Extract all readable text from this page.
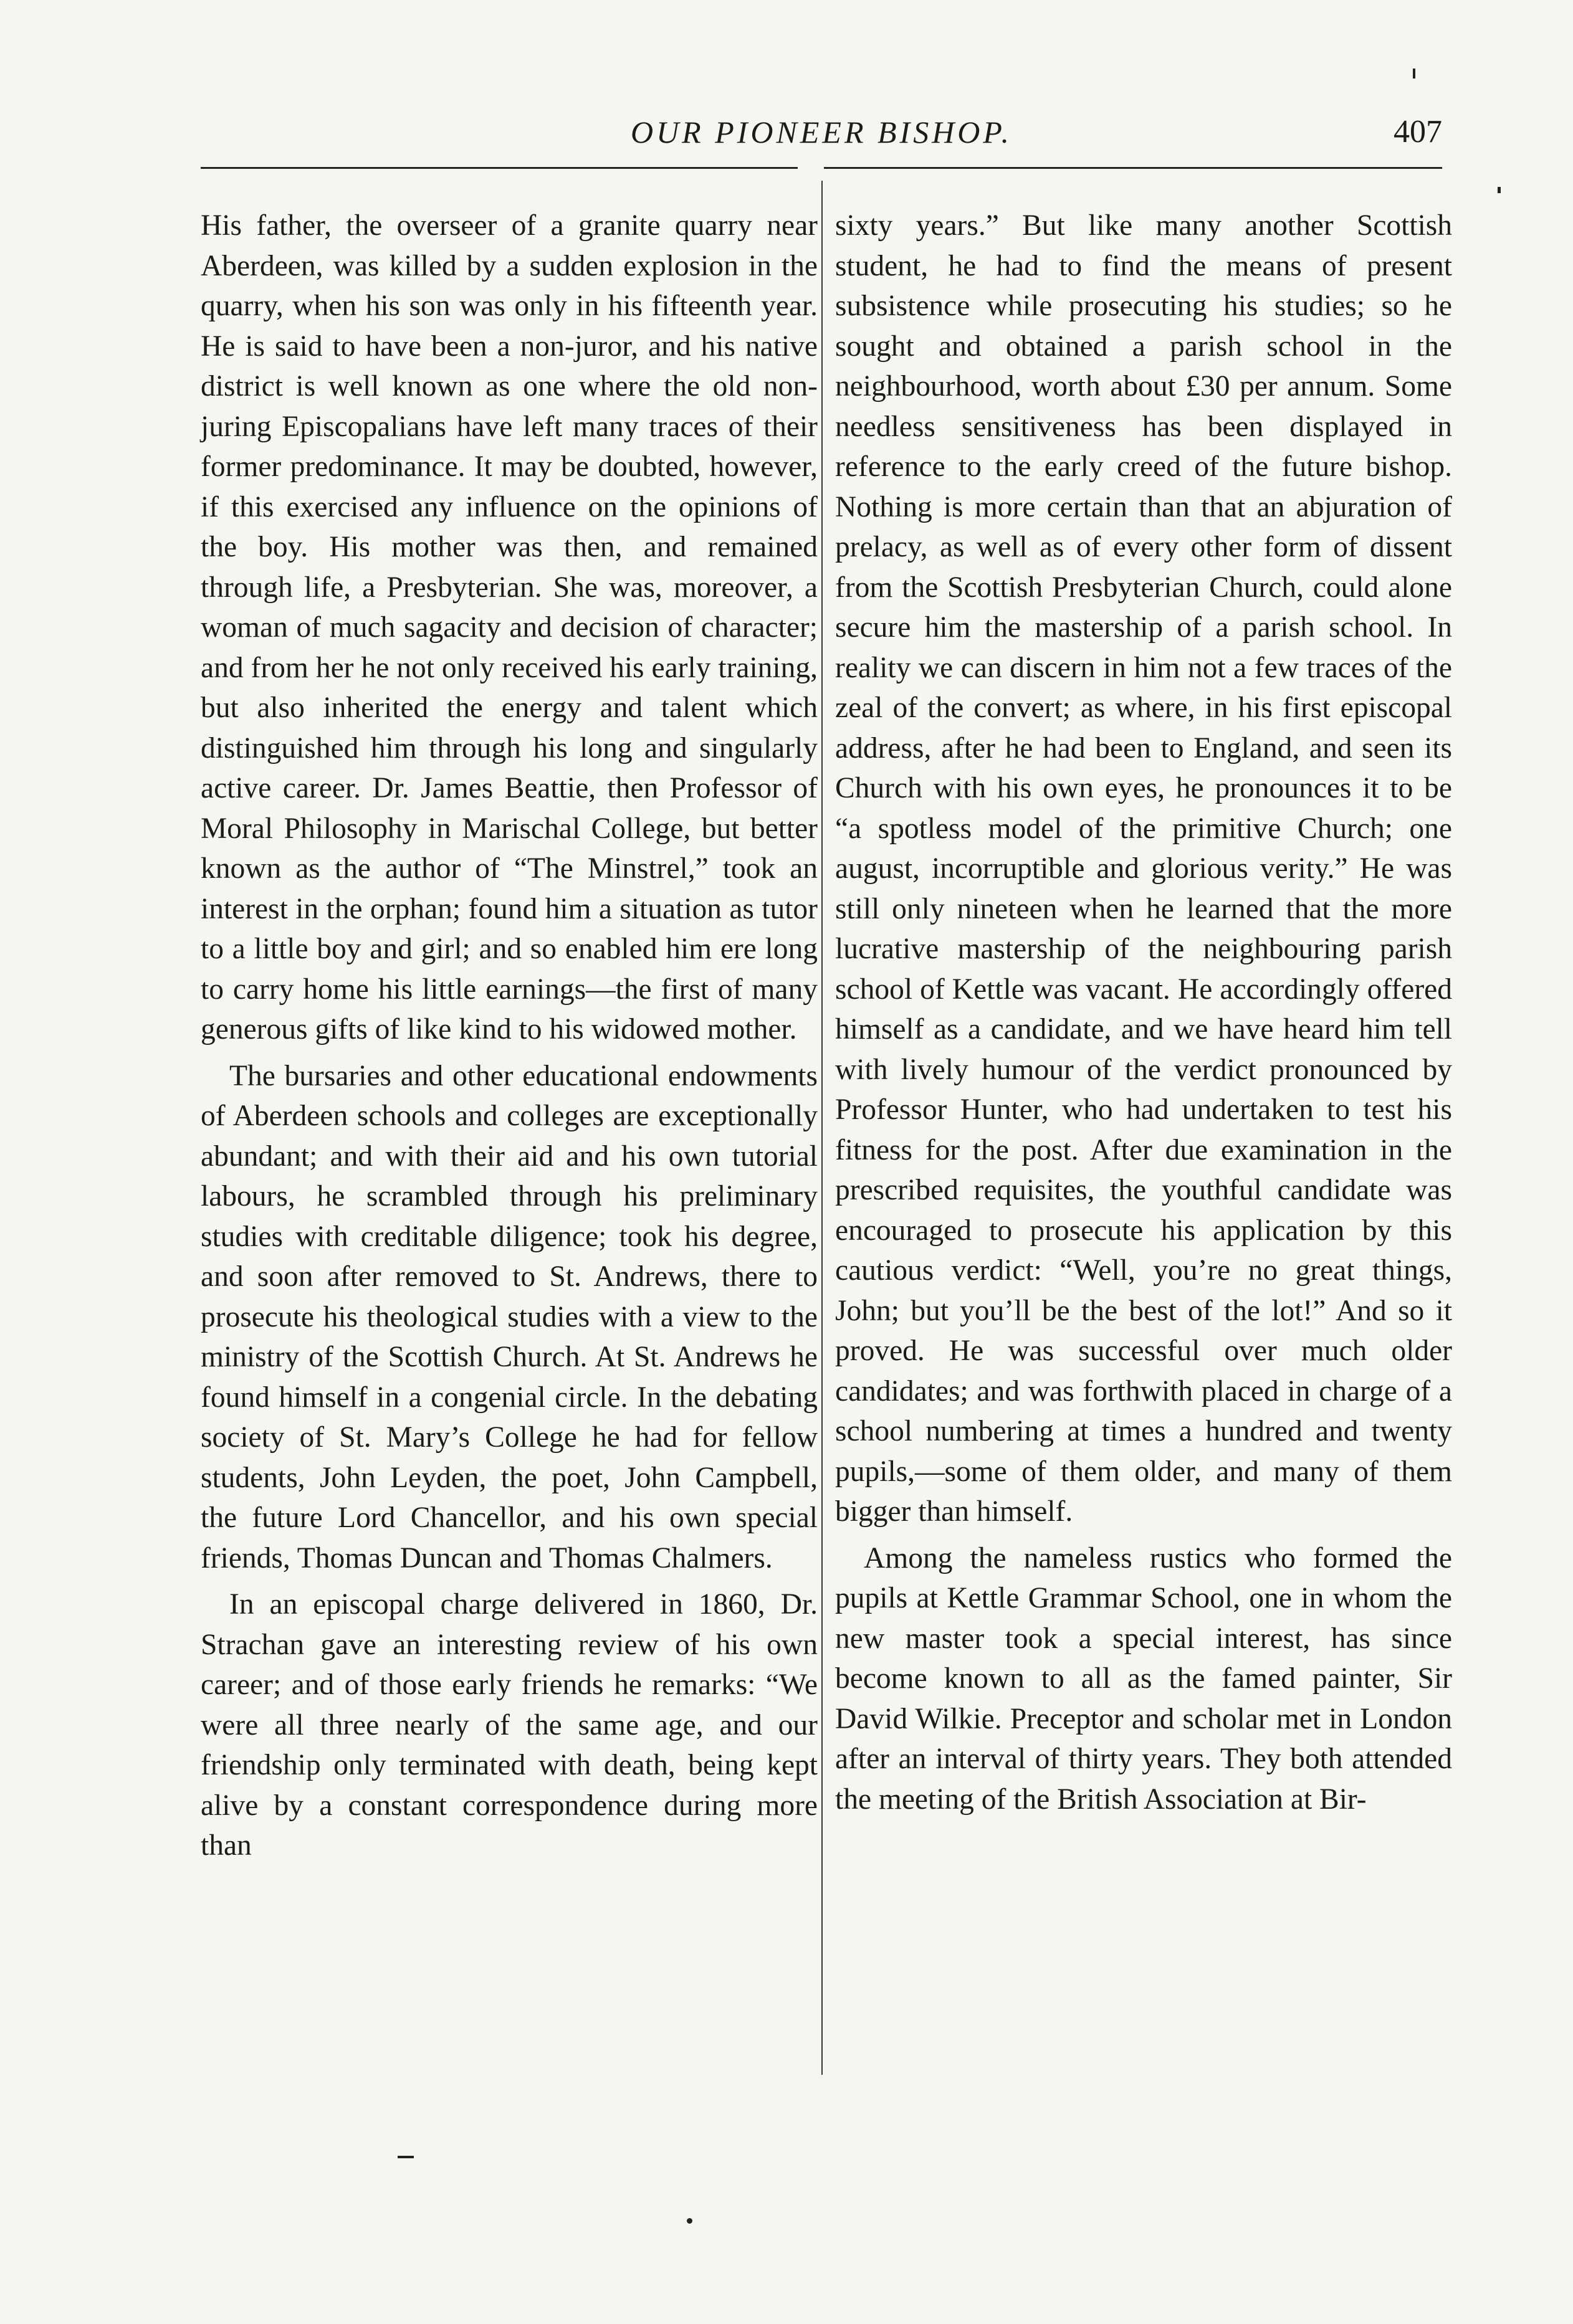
OUR PIONEER BISHOP.	407

His father, the overseer of a granite quarry near Aberdeen, was killed by a sudden explosion in the quarry, when his son was only in his fifteenth year. He is said to have been a non-juror, and his native district is well known as one where the old non-juring Episcopalians have left many traces of their former predominance. It may be doubted, however, if this exercised any influence on the opinions of the boy. His mother was then, and remained through life, a Presbyterian. She was, moreover, a woman of much sagacity and decision of character; and from her he not only received his early training, but also inherited the energy and talent which distinguished him through his long and singularly active career. Dr. James Beattie, then Professor of Moral Philosophy in Marischal College, but better known as the author of “The Minstrel,” took an interest in the orphan; found him a situation as tutor to a little boy and girl; and so enabled him ere long to carry home his little earnings—the first of many generous gifts of like kind to his widowed mother.

The bursaries and other educational endowments of Aberdeen schools and colleges are exceptionally abundant; and with their aid and his own tutorial labours, he scrambled through his preliminary studies with creditable diligence; took his degree, and soon after removed to St. Andrews, there to prosecute his theological studies with a view to the ministry of the Scottish Church. At St. Andrews he found himself in a congenial circle. In the debating society of St. Mary’s College he had for fellow students, John Leyden, the poet, John Campbell, the future Lord Chancellor, and his own special friends, Thomas Duncan and Thomas Chalmers.

In an episcopal charge delivered in 1860, Dr. Strachan gave an interesting review of his own career; and of those early friends he remarks: “We were all three nearly of the same age, and our friendship only terminated with death, being kept alive by a constant correspondence during more than

sixty years.” But like many another Scottish student, he had to find the means of present subsistence while prosecuting his studies; so he sought and obtained a parish school in the neighbourhood, worth about £30 per annum. Some needless sensitiveness has been displayed in reference to the early creed of the future bishop. Nothing is more certain than that an abjuration of prelacy, as well as of every other form of dissent from the Scottish Presbyterian Church, could alone secure him the mastership of a parish school. In reality we can discern in him not a few traces of the zeal of the convert; as where, in his first episcopal address, after he had been to England, and seen its Church with his own eyes, he pronounces it to be “a spotless model of the primitive Church; one august, incorruptible and glorious verity.” He was still only nineteen when he learned that the more lucrative mastership of the neighbouring parish school of Kettle was vacant. He accordingly offered himself as a candidate, and we have heard him tell with lively humour of the verdict pronounced by Professor Hunter, who had undertaken to test his fitness for the post. After due examination in the prescribed requisites, the youthful candidate was encouraged to prosecute his application by this cautious verdict: “Well, you’re no great things, John; but you’ll be the best of the lot!” And so it proved. He was successful over much older candidates; and was forthwith placed in charge of a school numbering at times a hundred and twenty pupils,—some of them older, and many of them bigger than himself.

Among the nameless rustics who formed the pupils at Kettle Grammar School, one in whom the new master took a special interest, has since become known to all as the famed painter, Sir David Wilkie. Preceptor and scholar met in London after an interval of thirty years. They both attended the meeting of the British Association at Bir-
